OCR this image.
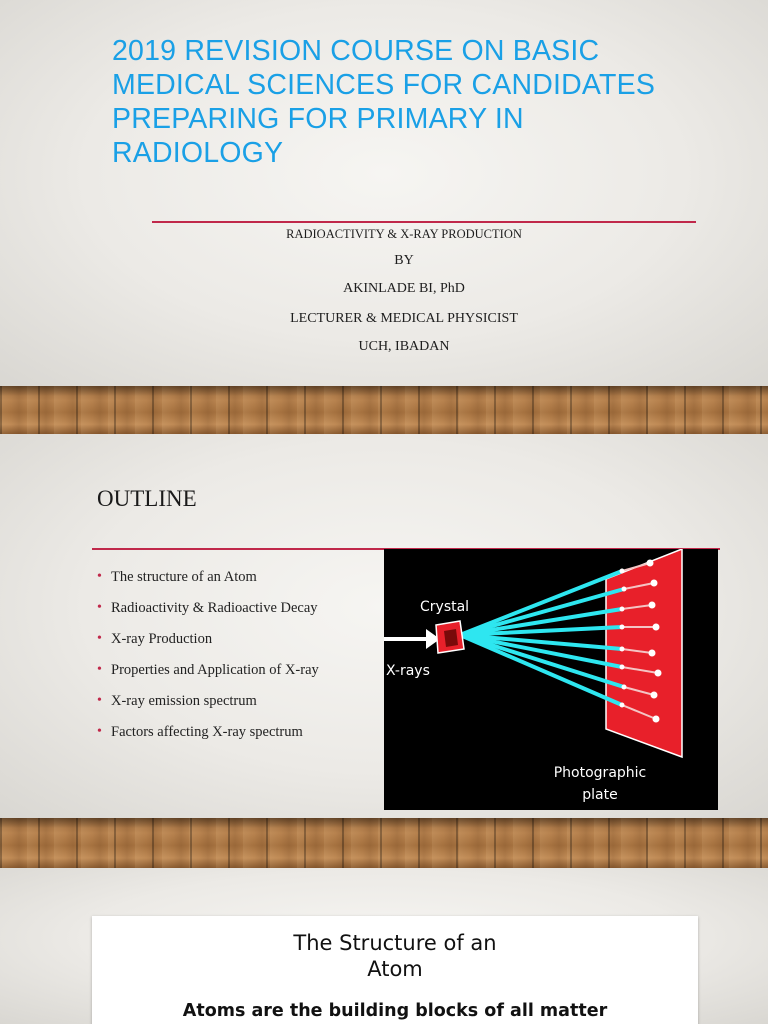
2019 REVISION COURSE ON BASIC MEDICAL SCIENCES FOR CANDIDATES PREPARING FOR PRIMARY IN RADIOLOGY

RADIOACTIVITY & X-RAY PRODUCTION

BY

AKINLADE BI, PhD

LECTURER & MEDICAL PHYSICIST

UCH, IBADAN

OUTLINE
• The structure of an Atom
• Radioactivity & Radioactive Decay
• X-ray Production
• Properties and Application of X-ray
• X-ray emission spectrum
• Factors affecting X-ray spectrum
Crystal
X-rays
Photographic
plate

The Structure of an
Atom

Atoms are the building blocks of all matter
